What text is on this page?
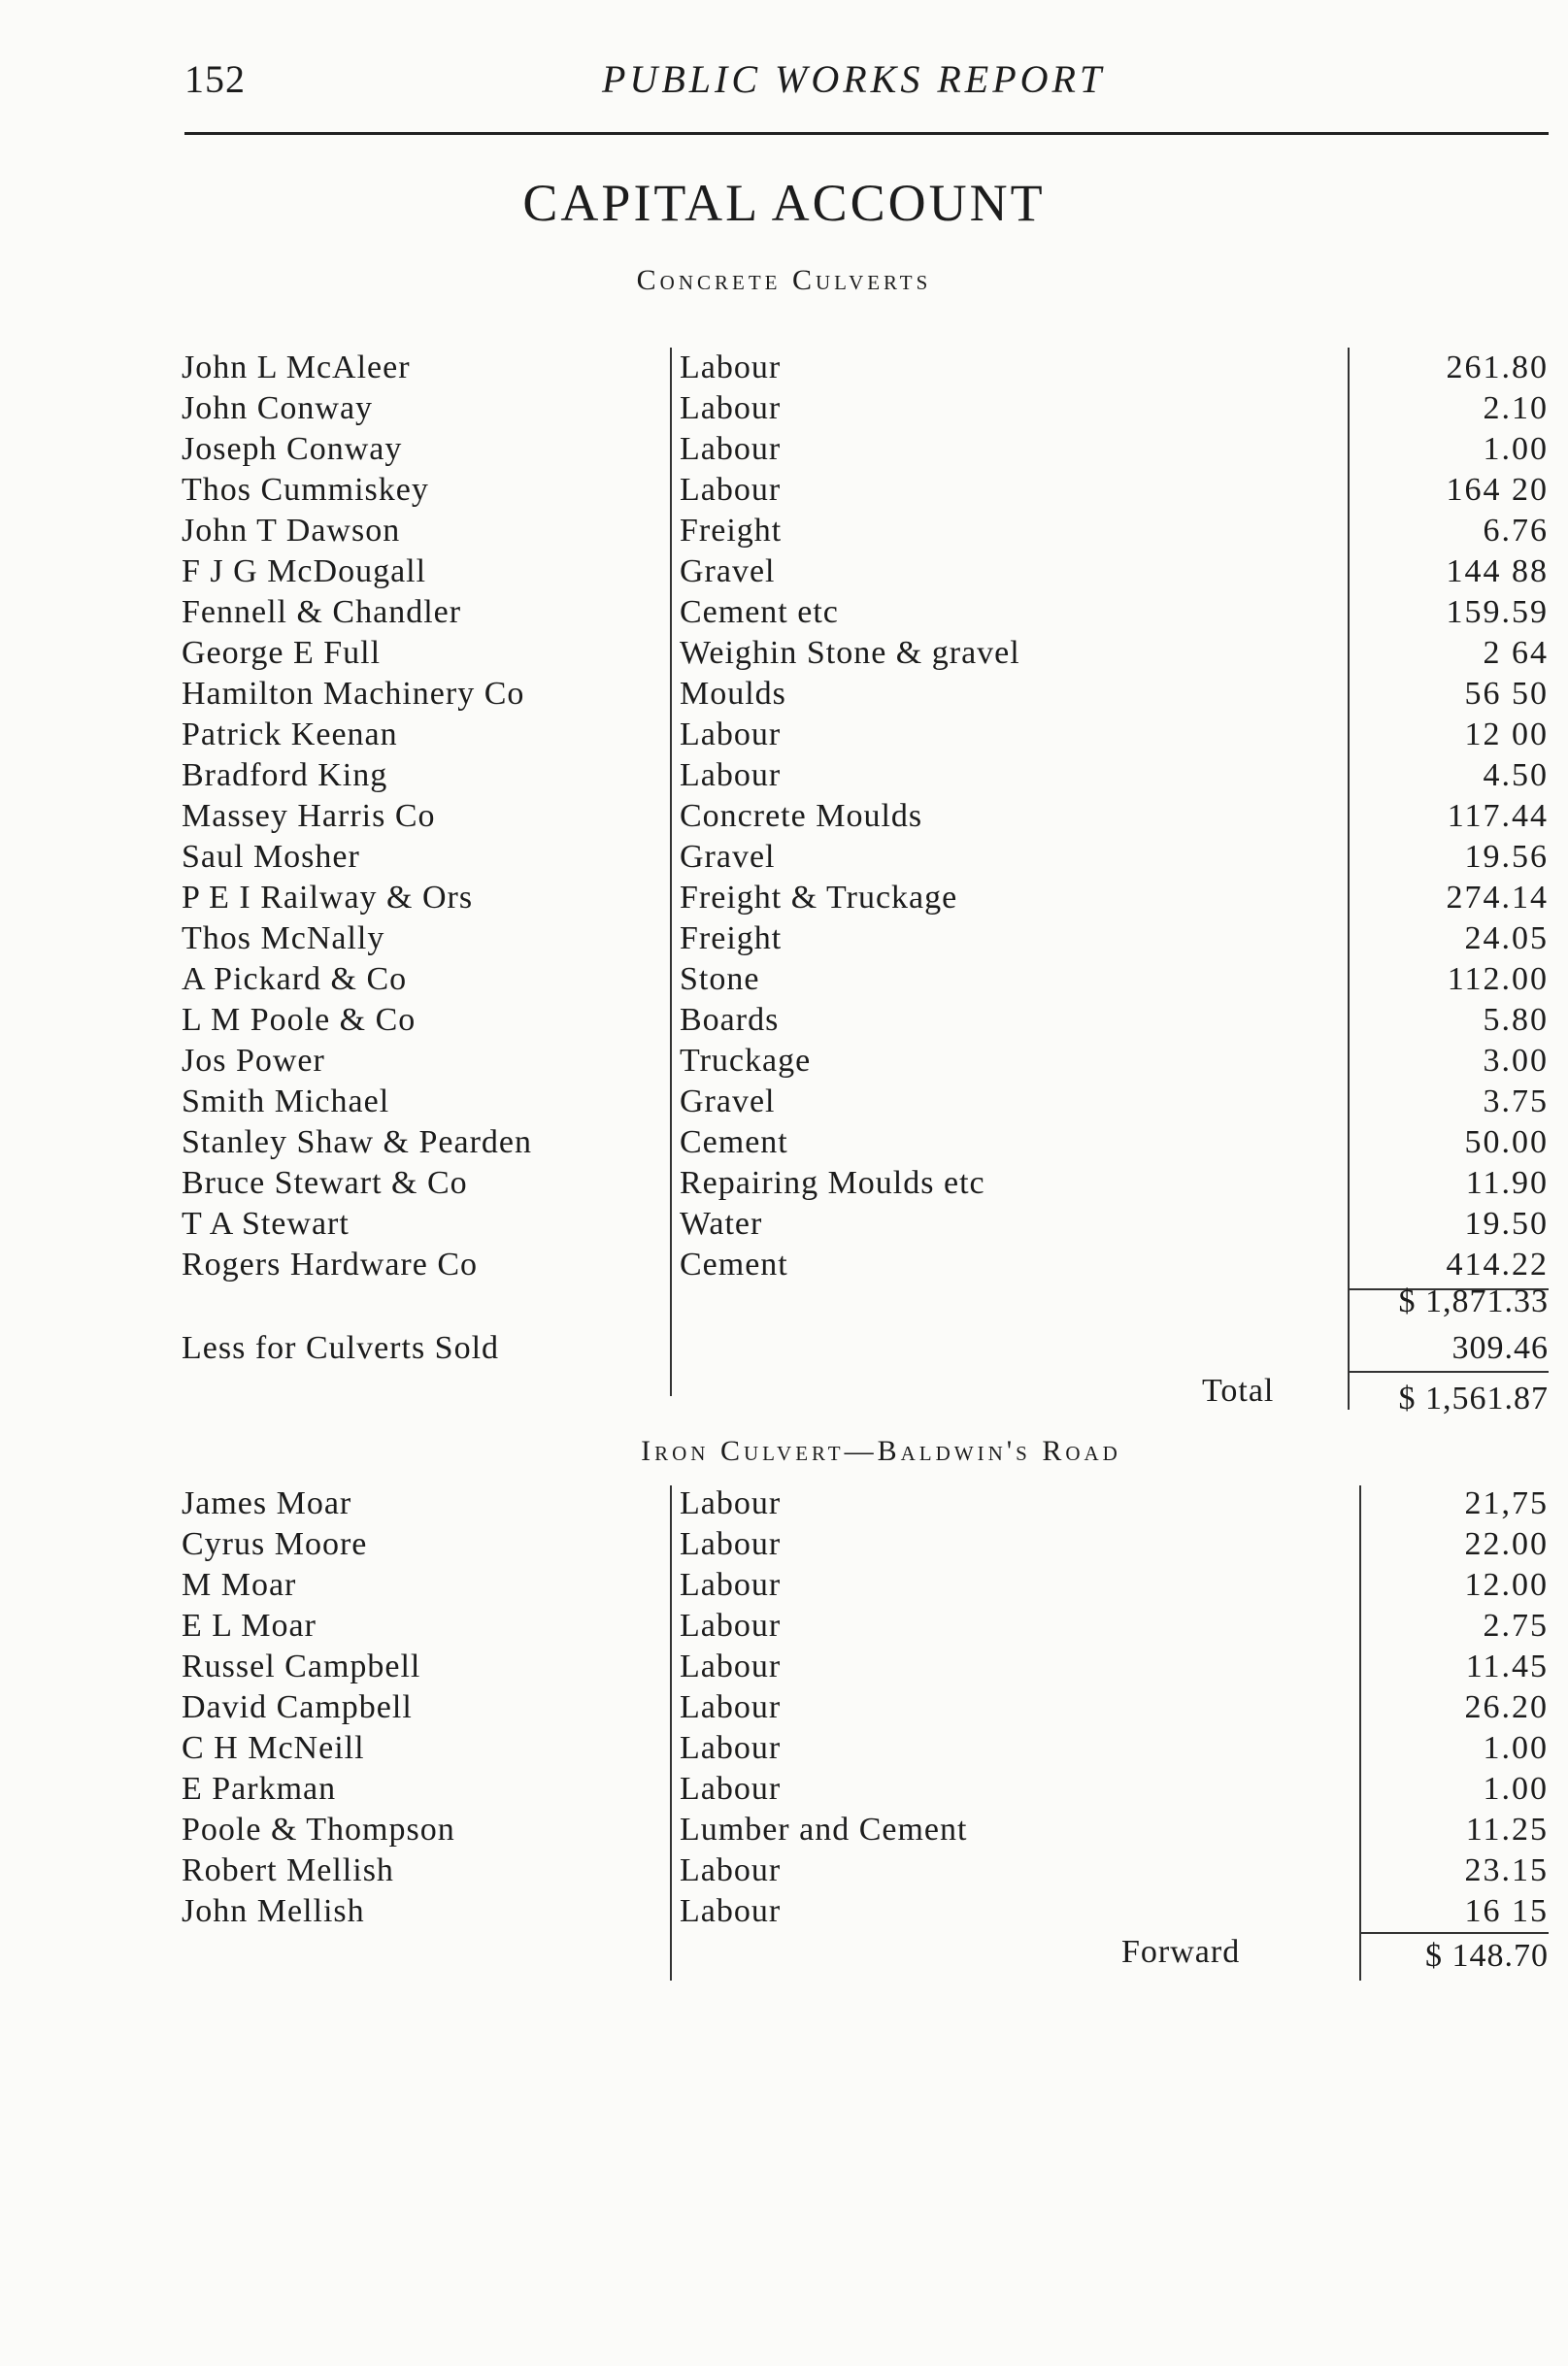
152	PUBLIC WORKS REPORT
CAPITAL ACCOUNT
Concrete Culverts
John L McAleer	Labour	261.80
John Conway	Labour	2.10
Joseph Conway	Labour	1.00
Thos Cummiskey	Labour	164 20
John T Dawson	Freight	6.76
F J G McDougall	Gravel	144 88
Fennell & Chandler	Cement etc	159.59
George E Full	Weighin Stone & gravel	2 64
Hamilton Machinery Co	Moulds	56 50
Patrick Keenan	Labour	12 00
Bradford King	Labour	4.50
Massey Harris Co	Concrete Moulds	117.44
Saul Mosher	Gravel	19.56
P E I Railway & Ors	Freight & Truckage	274.14
Thos McNally	Freight	24.05
A Pickard & Co	Stone	112.00
L M Poole & Co	Boards	5.80
Jos Power	Truckage	3.00
Smith Michael	Gravel	3.75
Stanley Shaw & Pearden	Cement	50.00
Bruce Stewart & Co	Repairing Moulds etc	11.90
T A Stewart	Water	19.50
Rogers Hardware Co	Cement	414.22
$ 1,871.33
Less for Culverts Sold	309.46
Total	$ 1,561.87
Iron Culvert—Baldwin's Road
James Moar	Labour	21,75
Cyrus Moore	Labour	22.00
M Moar	Labour	12.00
E L Moar	Labour	2.75
Russel Campbell	Labour	11.45
David Campbell	Labour	26.20
C H McNeill	Labour	1.00
E Parkman	Labour	1.00
Poole & Thompson	Lumber and Cement	11.25
Robert Mellish	Labour	23.15
John Mellish	Labour	16 15
Forward	$ 148.70
